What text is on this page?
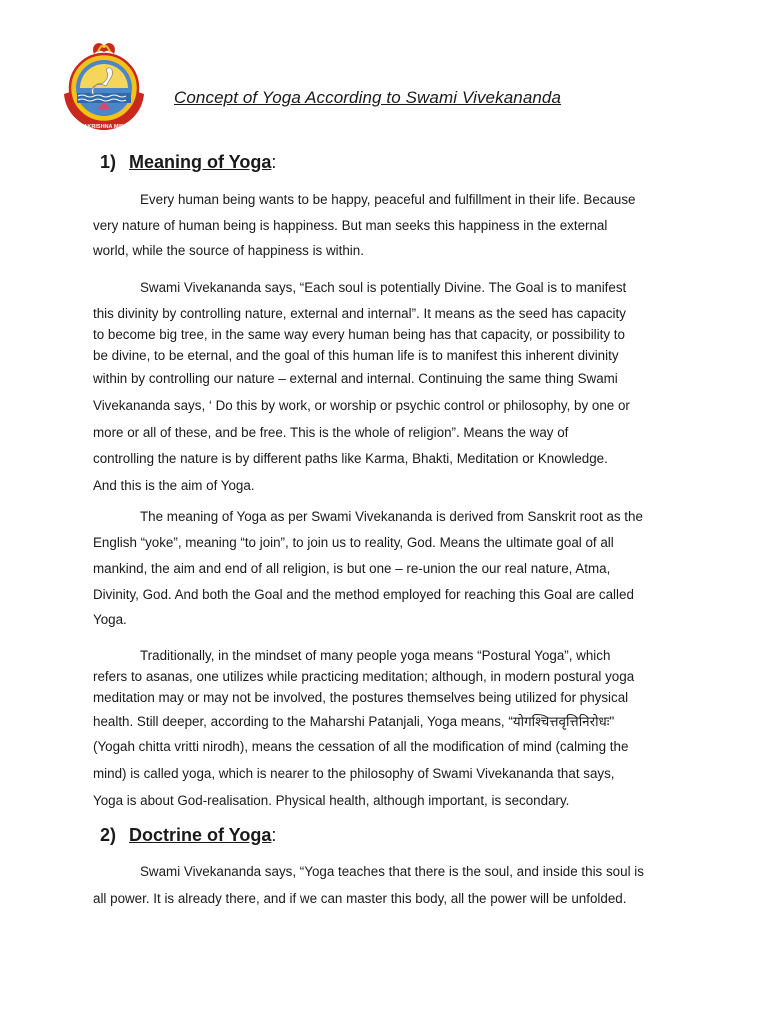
RAMAKRISHNA MISSION
Concept of Yoga According to Swami Vivekananda
1) Meaning of Yoga:
Every human being wants to be happy, peaceful and fulfillment in their life. Because
very nature of human being is happiness. But man seeks this happiness in the external
world, while the source of happiness is within.
Swami Vivekananda says, “Each soul is potentially Divine. The Goal is to manifest
this divinity by controlling nature, external and internal”. It means as the seed has capacity
to become big tree, in the same way every human being has that capacity, or possibility to
be divine, to be eternal, and the goal of this human life is to manifest this inherent divinity
within by controlling our nature – external and internal. Continuing the same thing Swami
Vivekananda says, ‘ Do this by work, or worship or psychic control or philosophy, by one or
more or all of these, and be free. This is the whole of religion”. Means the way of
controlling the nature is by different paths like Karma, Bhakti, Meditation or Knowledge.
And this is the aim of Yoga.
The meaning of Yoga as per Swami Vivekananda is derived from Sanskrit root as the
English “yoke”, meaning “to join”, to join us to reality, God. Means the ultimate goal of all
mankind, the aim and end of all religion, is but one – re-union the our real nature, Atma,
Divinity, God. And both the Goal and the method employed for reaching this Goal are called
Yoga.
Traditionally, in the mindset of many people yoga means “Postural Yoga”, which
refers to asanas, one utilizes while practicing meditation; although, in modern postural yoga
meditation may or may not be involved, the postures themselves being utilized for physical
health. Still deeper, according to the Maharshi Patanjali, Yoga means, “योगश्चित्तवृत्तिनिरोधः"
(Yogah chitta vritti nirodh), means the cessation of all the modification of mind (calming the
mind) is called yoga, which is nearer to the philosophy of Swami Vivekananda that says,
Yoga is about God-realisation. Physical health, although important, is secondary.
2) Doctrine of Yoga:
Swami Vivekananda says, “Yoga teaches that there is the soul, and inside this soul is
all power. It is already there, and if we can master this body, all the power will be unfolded.
